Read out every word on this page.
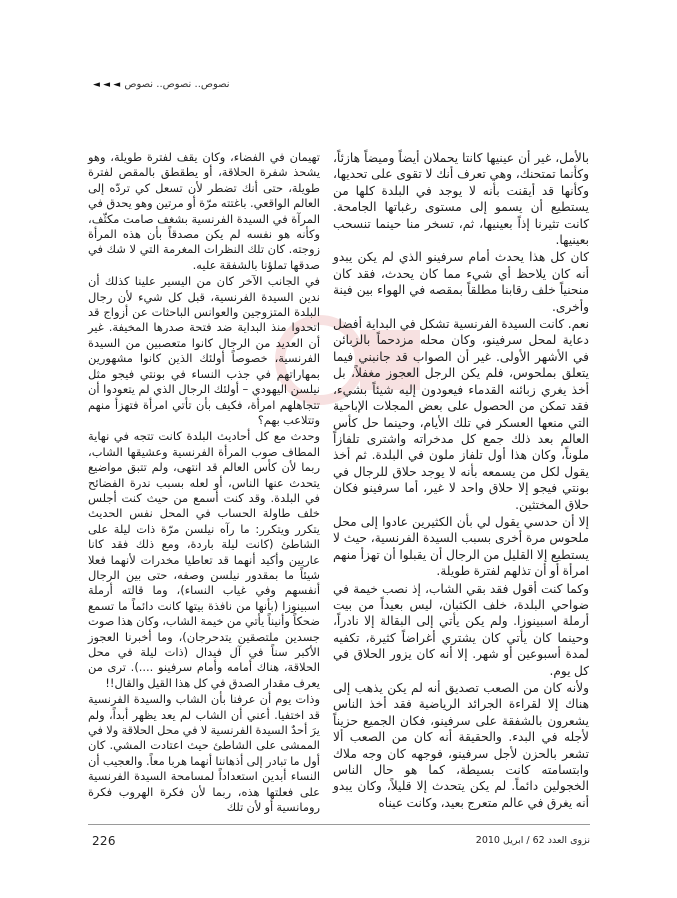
نصوص.. نصوص.. نصوص
◄ ◄ ◄

بالأمل، غير أن عينيها كانتا يحملان أيضاً وميضاً هازئاً، وكأنما تمتحنك، وهي تعرف أنك لا تقوى على تحديها، وكأنها قد أيقنت بأنه لا يوجد في البلدة كلها من يستطيع أن يسمو إلى مستوى رغباتها الجامحة. كانت تثيرنا إذاً بعينيها، ثم، تسخر منا حينما تنسحب بعينيها.

كان كل هذا يحدث أمام سرفينو الذي لم يكن يبدو أنه كان يلاحظ أي شيء مما كان يحدث، فقد كان منحنياً خلف رقابنا مطلقاً بمقصه في الهواء بين فينة وأخرى.

نعم. كانت السيدة الفرنسية تشكل في البداية أفضل دعاية لمحل سرفينو، وكان محله مزدحماً بالزبائن في الأشهر الأولى. غير أن الصواب قد جانبني فيما يتعلق بملحوس، فلم يكن الرجل العجوز مغفلاً، بل أخذ يغري زبائنه القدماء فيعودون إليه شيئاً بشيء، فقد تمكن من الحصول على بعض المجلات الإباحية التي منعها العسكر في تلك الأيام، وحينما حل كأس العالم بعد ذلك جمع كل مدخراته واشترى تلفازاً ملوناً، وكان هذا أول تلفاز ملون في البلدة. ثم أخذ يقول لكل من يسمعه بأنه لا يوجد حلاق للرجال في بونتي فيجو إلا حلاق واحد لا غير، أما سرفينو فكان حلاق المختثين.

إلا أن حدسي يقول لي بأن الكثيرين عادوا إلى محل ملحوس مرة أخرى بسبب السيدة الفرنسية، حيث لا يستطيع إلا القليل من الرجال أن يقبلوا أن تهزأ منهم امرأة أو أن تذلهم لفترة طويلة.

وكما كنت أقول فقد بقي الشاب، إذ نصب خيمة في ضواحي البلدة، خلف الكثبان، ليس بعيداً من بيت أرملة اسبينوزا. ولم يكن يأتي إلى البقالة إلا نادراً، وحينما كان يأتي كان يشتري أغراضاً كثيرة، تكفيه لمدة أسبوعين أو شهر. إلا أنه كان يزور الحلاق في كل يوم.

ولأنه كان من الصعب تصديق أنه لم يكن يذهب إلى هناك إلا لقراءة الجرائد الرياضية فقد أخذ الناس يشعرون بالشفقة على سرفينو، فكان الجميع حزيناً لأجله في البدء. والحقيقة أنه كان من الصعب ألا تشعر بالحزن لأجل سرفينو، فوجهه كان وجه ملاك وابتسامته كانت بسيطة، كما هو حال الناس الخجولين دائماً. لم يكن يتحدث إلا قليلاً، وكان يبدو أنه يغرق في عالم متعرج بعيد، وكانت عيناه

تهيمان في الفضاء، وكان يقف لفترة طويلة، وهو يشحذ شفرة الحلاقة، أو يطقطق بالمقص لفترة طويلة، حتى أنك تضطر لأن تسعل كي تردّه إلى العالم الواقعي. باغتته مرّة أو مرتين وهو يحدق في المرآة في السيدة الفرنسية بشغف صامت مكثّف، وكأنه هو نفسه لم يكن مصدقاً بأن هذه المرأة زوجته. كان تلك النظرات المغرمة التي لا شك في صدقها تملؤنا بالشفقة عليه.

في الجانب الآخر كان من اليسير علينا كذلك أن ندين السيدة الفرنسية، قبل كل شيء لأن رجال البلدة المتزوجين والعوانس الباحثات عن أزواج قد اتحدوا منذ البداية ضد فتحة صدرها المخيفة. غير أن العديد من الرجال كانوا متعصبين من السيدة الفرنسية، خصوصاً أولئك الذين كانوا مشهورين بمهاراتهم في جذب النساء في بونتي فيجو مثل نيلسن اليهودي – أولئك الرجال الذي لم يتعودوا أن تتجاهلهم امرأة، فكيف بأن تأتي امرأة فتهزأ منهم وتتلاعب بهم؟

وحدث مع كل أحاديث البلدة كانت تتجه في نهاية المطاف صوب المرأة الفرنسية وعشيقها الشاب، ربما لأن كأس العالم قد انتهى، ولم تتبق مواضيع يتحدث عنها الناس، أو لعله بسبب ندرة الفضائح في البلدة. وقد كنت أسمع من حيث كنت أجلس خلف طاولة الحساب في المحل نفس الحديث يتكرر ويتكرر: ما رآه نيلسن مرّة ذات ليلة على الشاطئ (كانت ليلة باردة، ومع ذلك فقد كانا عاريين وأكيد أنهما قد تعاطيا مخدرات لأنهما فعلا شيئاً ما بمقدور نيلسن وصفه، حتى بين الرجال أنفسهم وفي غياب النساء)، وما قالته أرملة اسبينوزا (بأنها من نافذة بيتها كانت دائماً ما تسمع ضحكاً وأنيناً يأتي من خيمة الشاب، وكان هذا صوت جسدين ملتصقين يتدحرجان)، وما أخبرنا العجوز الأكبر سناً في آل فيدال (ذات ليلة في محل الحلاقة، هناك أمامه وأمام سرفينو ....). ترى من يعرف مقدار الصدق في كل هذا القيل والقال!!

وذات يوم أن عرفنا بأن الشاب والسيدة الفرنسية قد اختفيا. أعني أن الشاب لم يعد يظهر أبداً، ولم يرَ أحدٌ السيدة الفرنسية لا في محل الحلاقة ولا في الممشى على الشاطئ حيث اعتادت المشي. كان أول ما تبادر إلى أذهاننا أنهما هربا معاً. والعجيب أن النساء أبدين استعداداً لمسامحة السيدة الفرنسية على فعلتها هذه، ربما لأن فكرة الهروب فكرة رومانسية أو لأن تلك

226	نزوى العدد 62 / ابريل 2010
